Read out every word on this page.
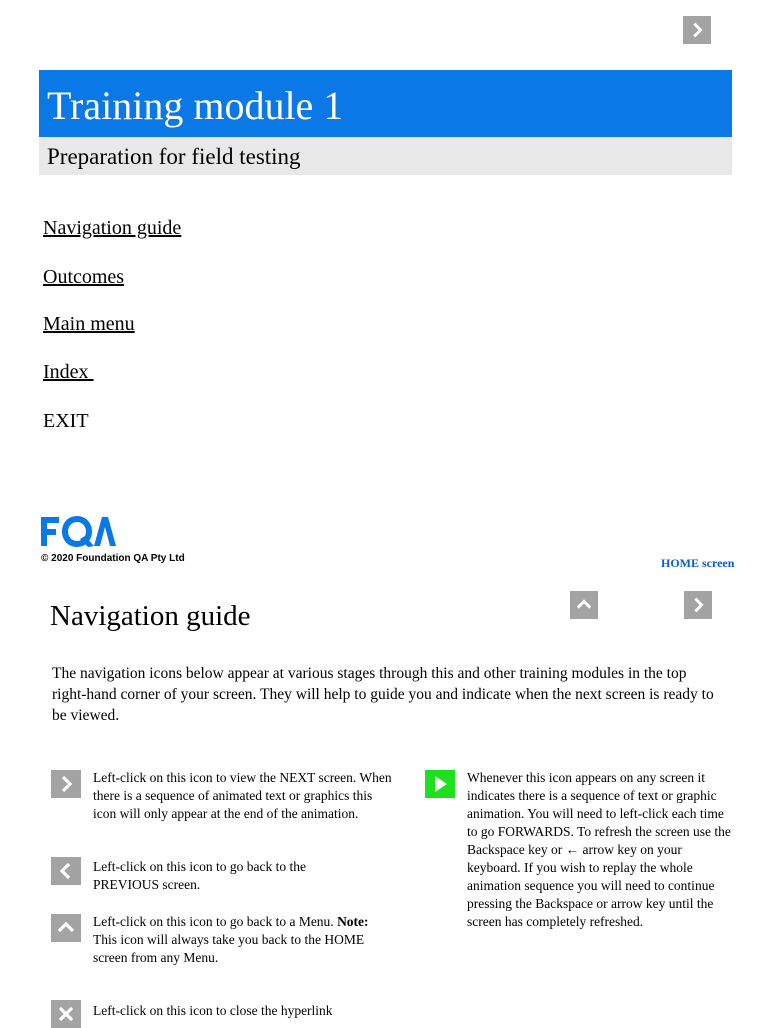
Training module 1
Preparation for field testing
Navigation guide
Outcomes
Main menu
Index
EXIT
© 2020 Foundation QA Pty Ltd	HOME screen
Navigation guide
The navigation icons below appear at various stages through this and other training modules in the top right-hand corner of your screen. They will help to guide you and indicate when the next screen is ready to be viewed.
Left-click on this icon to view the NEXT screen. When there is a sequence of animated text or graphics this icon will only appear at the end of the animation.
Left-click on this icon to go back to the PREVIOUS screen.
Left-click on this icon to go back to a Menu. Note: This icon will always take you back to the HOME screen from any Menu.
Left-click on this icon to close the hyperlink
Whenever this icon appears on any screen it indicates there is a sequence of text or graphic animation. You will need to left-click each time to go FORWARDS. To refresh the screen use the Backspace key or ← arrow key on your keyboard. If you wish to replay the whole animation sequence you will need to continue pressing the Backspace or arrow key until the screen has completely refreshed.
